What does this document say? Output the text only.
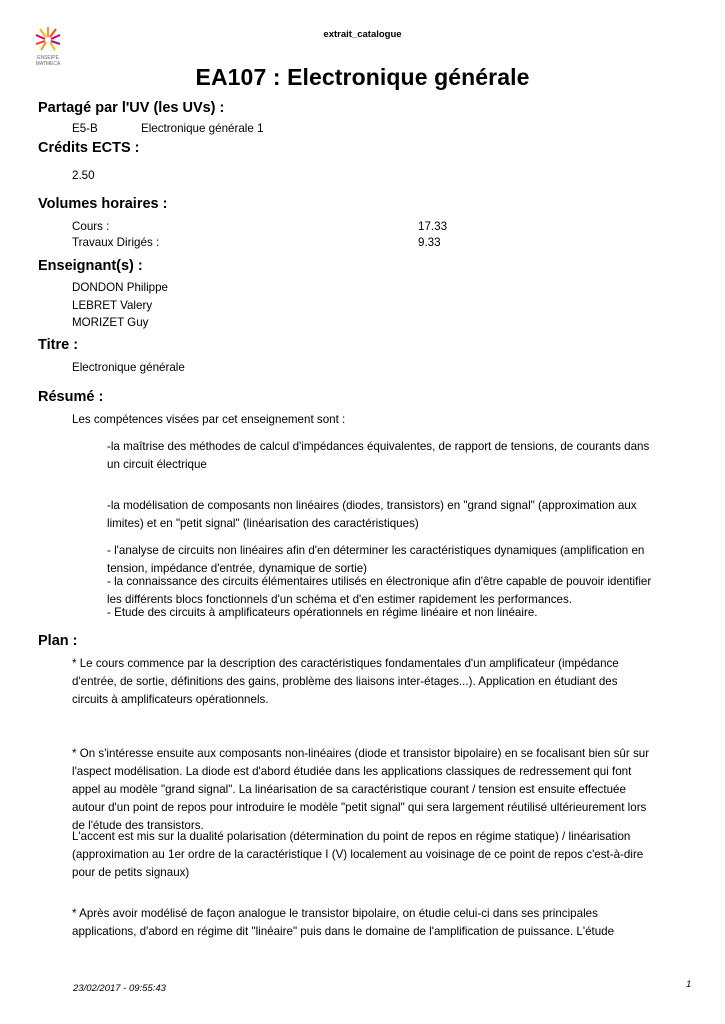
extrait_catalogue
ENSEIPE
MATMECA	EA107 : Electronique générale
Partagé par l'UV (les UVs) :
E5-B	Electronique générale 1
Crédits ECTS :
2.50
Volumes horaires :
Cours :	17.33
Travaux Dirigés :	9.33
Enseignant(s) :
DONDON Philippe
LEBRET Valery
MORIZET Guy
Titre :
Electronique générale
Résumé :
Les compétences visées par cet enseignement sont :
-la maîtrise des méthodes de calcul d'impédances équivalentes, de rapport de tensions, de courants dans
un circuit électrique
-la modélisation de composants non linéaires (diodes, transistors) en "grand signal" (approximation aux
limites) et en "petit signal" (linéarisation des caractéristiques)
- l'analyse de circuits non linéaires afin d'en déterminer les caractéristiques dynamiques (amplification en
tension, impédance d'entrée, dynamique de sortie)
- la connaissance des circuits élémentaires utilisés en électronique afin d'être capable de pouvoir identifier
les différents blocs fonctionnels d'un schéma et d'en estimer rapidement les performances.
- Etude des circuits à amplificateurs opérationnels en régime linéaire et non linéaire.
Plan :
* Le cours commence par la description des caractéristiques fondamentales d'un amplificateur (impédance
d'entrée, de sortie, définitions des gains, problème des liaisons inter-étages...). Application en étudiant des
circuits à amplificateurs opérationnels.
* On s'intéresse ensuite aux composants non-linéaires (diode et transistor bipolaire) en se focalisant bien sûr sur
l'aspect modélisation. La diode est d'abord étudiée dans les applications classiques de redressement qui font
appel au modèle "grand signal". La linéarisation de sa caractéristique courant / tension est ensuite effectuée
autour d'un point de repos pour introduire le modèle "petit signal" qui sera largement réutilisé ultérieurement lors
de l'étude des transistors.
L'accent est mis sur la dualité polarisation (détermination du point de repos en régime statique) / linéarisation
(approximation au 1er ordre de la caractéristique I (V) localement au voisinage de ce point de repos c'est-à-dire
pour de petits signaux)
* Après avoir modélisé de façon analogue le transistor bipolaire, on étudie celui-ci dans ses principales
applications, d'abord en régime dit "linéaire" puis dans le domaine de l'amplification de puissance. L'étude
23/02/2017 - 09:55:43	1
